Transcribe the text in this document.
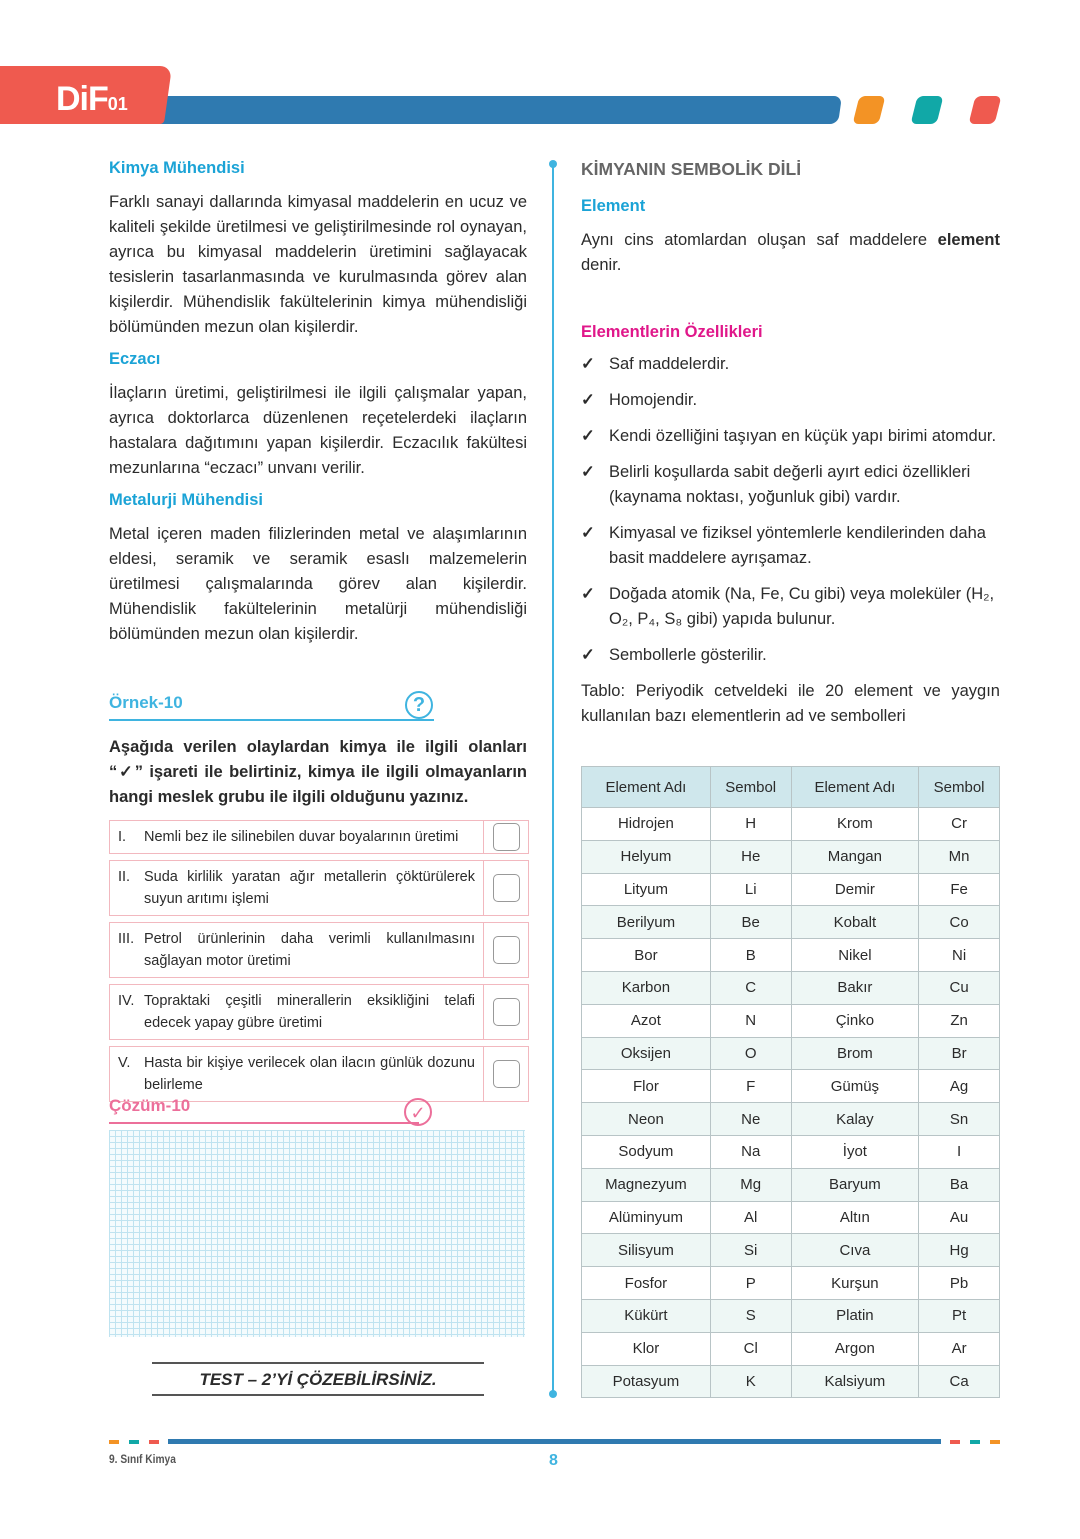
DiF01
Kimya Mühendisi

Farklı sanayi dallarında kimyasal maddelerin en ucuz ve kaliteli şekilde üretilmesi ve geliştirilmesinde rol oynayan, ayrıca bu kimyasal maddelerin üretimini sağlayacak tesislerin tasarlanmasında ve kurulmasında görev alan kişilerdir. Mühendislik fakültelerinin kimya mühendisliği bölümünden mezun olan kişilerdir.

Eczacı

İlaçların üretimi, geliştirilmesi ile ilgili çalışmalar yapan, ayrıca doktorlarca düzenlenen reçetelerdeki ilaçların hastalara dağıtımını yapan kişilerdir. Eczacılık fakültesi mezunlarına “eczacı” unvanı verilir.

Metalurji Mühendisi

Metal içeren maden filizlerinden metal ve alaşımlarının eldesi, seramik ve seramik esaslı malzemelerin üretilmesi çalışmalarında görev alan kişilerdir. Mühendislik fakültelerinin metalürji mühendisliği bölümünden mezun olan kişilerdir.

Örnek-10	?

Aşağıda verilen olaylardan kimya ile ilgili olanları “✓” işareti ile belirtiniz, kimya ile ilgili olmayanların hangi meslek grubu ile ilgili olduğunu yazınız.

I.	Nemli bez ile silinebilen duvar boyalarının üretimi
II. Suda kirlilik yaratan ağır metallerin çöktürülerek suyun arıtımı işlemi
III. Petrol ürünlerinin daha verimli kullanılmasını sağlayan motor üretimi
IV. Topraktaki çeşitli minerallerin eksikliğini telafi edecek yapay gübre üretimi
V. Hasta bir kişiye verilecek olan ilacın günlük dozunu belirleme
Çözüm-10	✓
TEST – 2’Yİ ÇÖZEBİLİRSİNİZ.
KİMYANIN SEMBOLİK DİLİ
Element

Aynı cins atomlardan oluşan saf maddelere element denir.

Elementlerin Özellikleri
✓ Saf maddelerdir.
✓ Homojendir.
✓ Kendi özelliğini taşıyan en küçük yapı birimi atomdur.
✓ Belirli koşullarda sabit değerli ayırt edici özellikleri (kaynama noktası, yoğunluk gibi) vardır.
✓ Kimyasal ve fiziksel yöntemlerle kendilerinden daha basit maddelere ayrışamaz.
✓ Doğada atomik (Na, Fe, Cu gibi) veya moleküler (H₂, O₂, P₄, S₈ gibi) yapıda bulunur.
✓ Sembollerle gösterilir.

Tablo: Periyodik cetveldeki ile 20 element ve yaygın kullanılan bazı elementlerin ad ve sembolleri

Element Adı	Sembol	Element Adı	Sembol
Hidrojen	H	Krom	Cr
Helyum	He	Mangan	Mn
Lityum	Li	Demir	Fe
Berilyum	Be	Kobalt	Co
Bor	B	Nikel	Ni
Karbon	C	Bakır	Cu
Azot	N	Çinko	Zn
Oksijen	O	Brom	Br
Flor	F	Gümüş	Ag
Neon	Ne	Kalay	Sn
Sodyum	Na	İyot	I
Magnezyum	Mg	Baryum	Ba
Alüminyum	Al	Altın	Au
Silisyum	Si	Cıva	Hg
Fosfor	P	Kurşun	Pb
Kükürt	S	Platin	Pt
Klor	Cl	Argon	Ar
Potasyum	K	Kalsiyum	Ca
9. Sınıf Kimya	8
